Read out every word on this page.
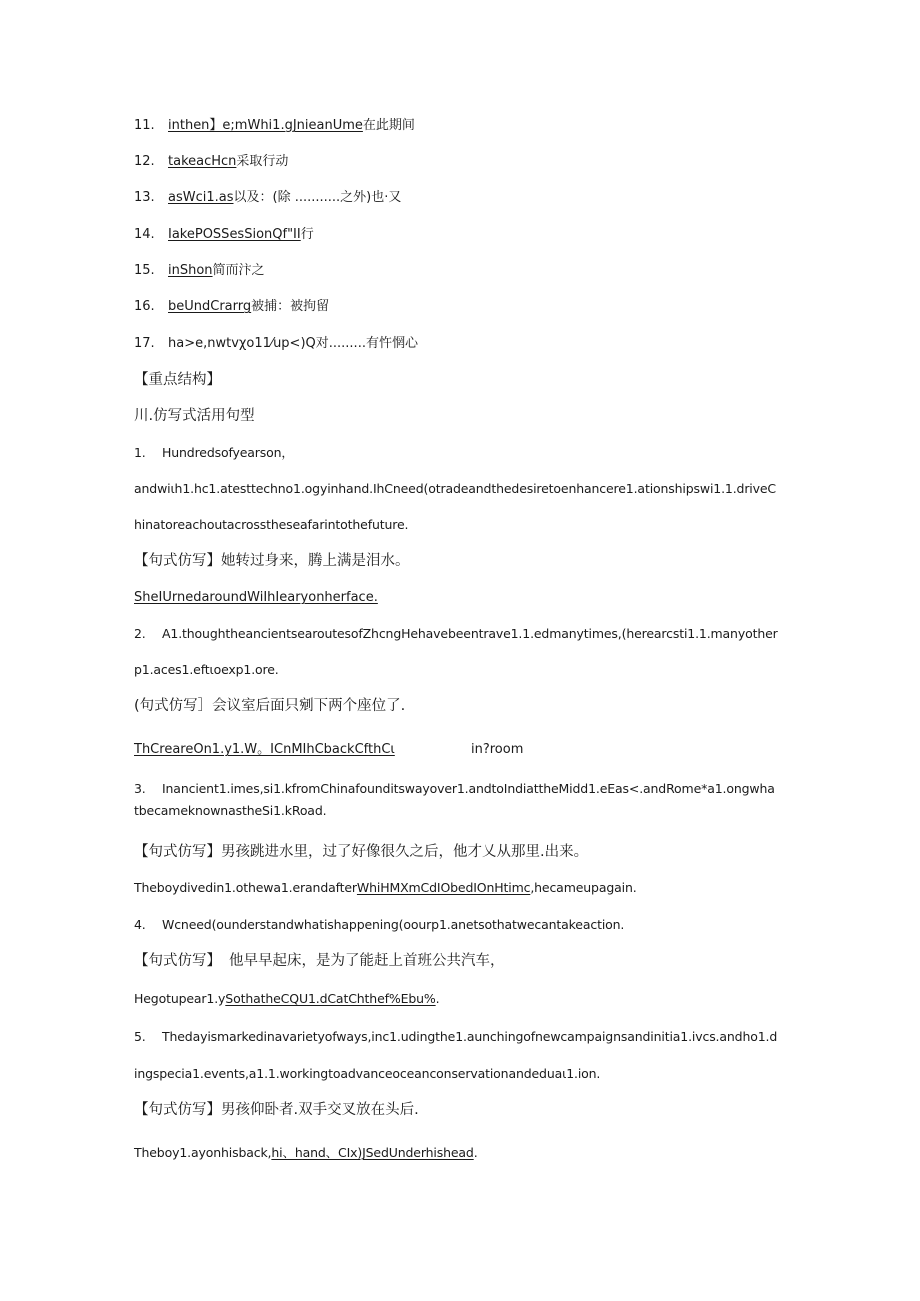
11. inthen】e;mWhi1.gJnieanUme在此期间
12. takeacHcn采取行动
13. asWci1.as以及：(除 ...........之外)也·又
14. IakePOSSesSionQf"II行
15. inShon简而汴之
16. beUndCrarrg被捕：被拘留
17. ha>e,nwtvχo11⁄up<)Q对.........有忤惘心
【重点结构】
川.仿写式活用句型
1. Hundredsofyearson，
andwiιh1.hc1.atesttechno1.ogyinhand.IhCneed(otradeandthedesiretoenhancere1.ationshipswi1.1.driveC
hinatoreachoutacrosstheseafarintothefuture.
【句式仿写】她转过身来，腾上满是泪水。
SheIUrnedaroundWiIhIearyonherface.
2. A1.thoughtheancientsearoutesofZhcngHehavebeentrave1.1.edmanytimes,(herearcsti1.1.manyother
p1.aces1.eftιoexp1.ore.
(句式仿写］会议室后面只剜下两个座位了.
ThCreareOn1.y1.W。ICnMIhCbackCfthCι	in?room
3. Inancient1.imes,si1.kfromChinafounditswayover1.andtoIndiattheMidd1.eEas<.andRome*a1.ongwha
tbecameknownastheSi1.kRoad.
【句式仿写】男孩跳进水里，过了好像很久之后，他才乂从那里.出来。
Theboydivedin1.othewa1.erandafterWhiHMXmCdIObedIOnHtimc,hecameupagain.
4. Wcneed(ounderstandwhatishappening(oourp1.anetsothatwecantakeaction.
【句式仿写】 他早早起床，是为了能赶上首班公共汽车，
Hegotupear1.ySothatheCQU1.dCatChthef%Ebu%.
5. Thedayismarkedinavarietyofways,inc1.udingthe1.aunchingofnewcampaignsandinitia1.ivcs.andho1.d
ingspecia1.events,a1.1.workingtoadvanceoceanconservationandeduaι1.ion.
【句式仿写】男孩仰卧者.双手交叉放在头后.
Theboy1.ayonhisback,hi、hand、CIx)JSedUnderhishead.
